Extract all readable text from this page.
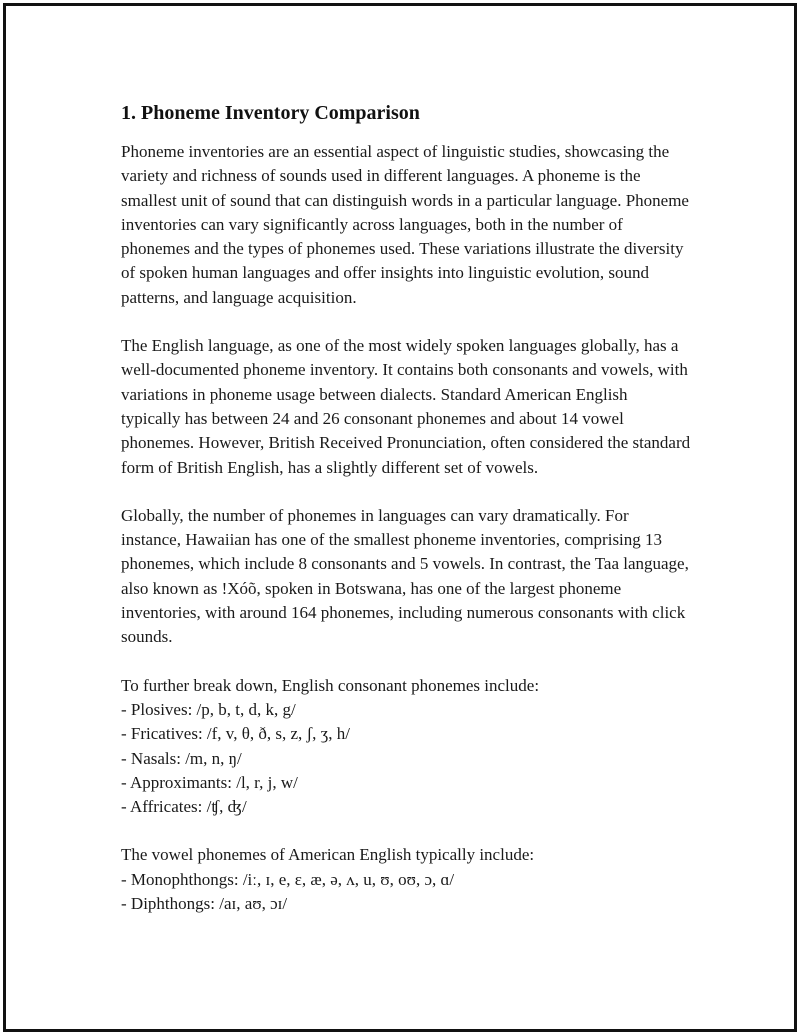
1. Phoneme Inventory Comparison

Phoneme inventories are an essential aspect of linguistic studies, showcasing the variety and richness of sounds used in different languages. A phoneme is the smallest unit of sound that can distinguish words in a particular language. Phoneme inventories can vary significantly across languages, both in the number of phonemes and the types of phonemes used. These variations illustrate the diversity of spoken human languages and offer insights into linguistic evolution, sound patterns, and language acquisition.

The English language, as one of the most widely spoken languages globally, has a well-documented phoneme inventory. It contains both consonants and vowels, with variations in phoneme usage between dialects. Standard American English typically has between 24 and 26 consonant phonemes and about 14 vowel phonemes. However, British Received Pronunciation, often considered the standard form of British English, has a slightly different set of vowels.

Globally, the number of phonemes in languages can vary dramatically. For instance, Hawaiian has one of the smallest phoneme inventories, comprising 13 phonemes, which include 8 consonants and 5 vowels. In contrast, the Taa language, also known as !Xóõ, spoken in Botswana, has one of the largest phoneme inventories, with around 164 phonemes, including numerous consonants with click sounds.

To further break down, English consonant phonemes include:
- Plosives: /p, b, t, d, k, g/
- Fricatives: /f, v, θ, ð, s, z, ʃ, ʒ, h/
- Nasals: /m, n, ŋ/
- Approximants: /l, r, j, w/
- Affricates: /ʧ, ʤ/
The vowel phonemes of American English typically include:
- Monophthongs: /iː, ɪ, e, ɛ, æ, ə, ʌ, u, ʊ, oʊ, ɔ, ɑ/
- Diphthongs: /aɪ, aʊ, ɔɪ/
